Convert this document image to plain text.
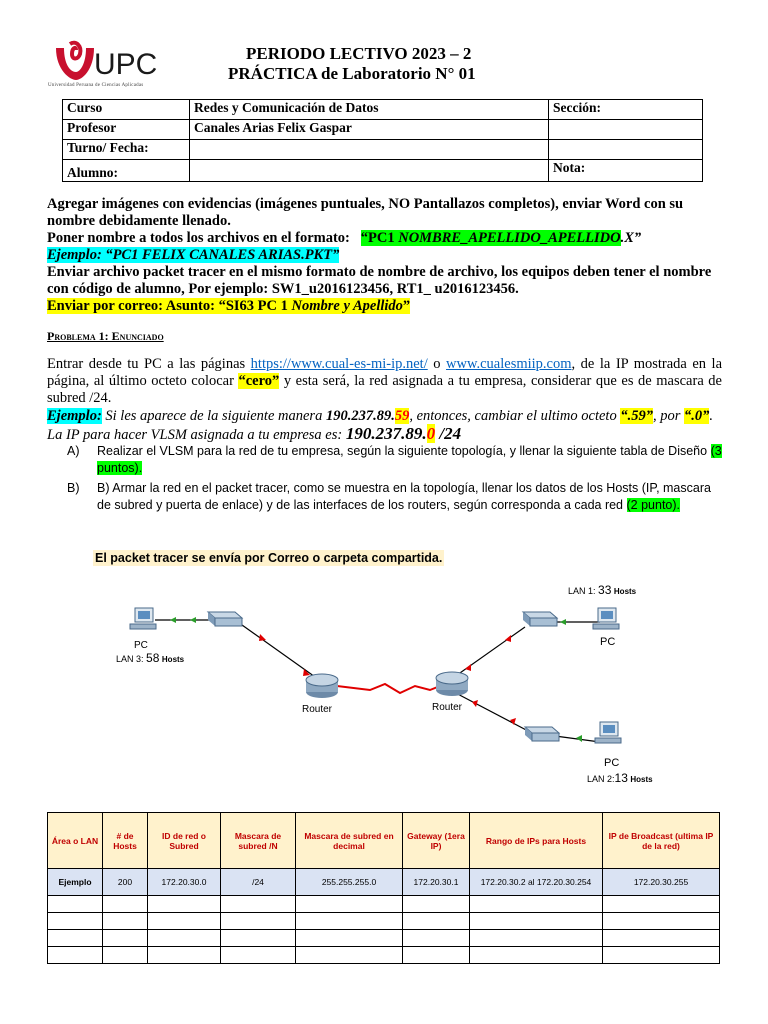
UPC
Universidad Peruana de Ciencias Aplicadas
PERIODO LECTIVO 2023 – 2
PRÁCTICA de Laboratorio N° 01
Curso	Redes y Comunicación de Datos	Sección:
Profesor	Canales Arias Felix Gaspar	
Turno/ Fecha:		
Alumno:		Nota:

Agregar imágenes con evidencias (imágenes puntuales, NO Pantallazos completos), enviar Word con su nombre debidamente llenado.

Poner nombre a todos los archivos en el formato: “PC1 NOMBRE_APELLIDO_APELLIDO.X”

Ejemplo: “PC1 FELIX CANALES ARIAS.PKT”

Enviar archivo packet tracer en el mismo formato de nombre de archivo, los equipos deben tener el nombre con código de alumno, Por ejemplo: SW1_u2016123456, RT1_ u2016123456.

Enviar por correo: Asunto: “SI63 PC 1 Nombre y Apellido”

Problema 1: Enunciado
Entrar desde tu PC a las páginas https://www.cual-es-mi-ip.net/ o www.cualesmiip.com, de la IP mostrada en la página, al último octeto colocar “cero” y esta será, la red asignada a tu empresa, considerar que es de mascara de subred /24.
Ejemplo: Si les aparece de la siguiente manera 190.237.89.59, entonces, cambiar el ultimo octeto “.59”, por “.0”. La IP para hacer VLSM asignada a tu empresa es: 190.237.89.0 /24
A) Realizar el VLSM para la red de tu empresa, según la siguiente topología, y llenar la siguiente tabla de Diseño (3 puntos).
B) B) Armar la red en el packet tracer, como se muestra en la topología, llenar los datos de los Hosts (IP, mascara de subred y puerta de enlace) y de las interfaces de los routers, según corresponda a cada red (2 punto).
El packet tracer se envía por Correo o carpeta compartida.
PC
LAN 3: 58 Hosts
Router	Router
LAN 1: 33 Hosts
PC
PC
LAN 2:13 Hosts
Área o LAN	# de Hosts	ID de red o Subred	Mascara de subred /N	Mascara de subred en decimal	Gateway (1era IP)	Rango de IPs para Hosts	IP de Broadcast (ultima IP de la red)
Ejemplo	200	172.20.30.0	/24	255.255.255.0	172.20.30.1	172.20.30.2 al 172.20.30.254	172.20.30.255
